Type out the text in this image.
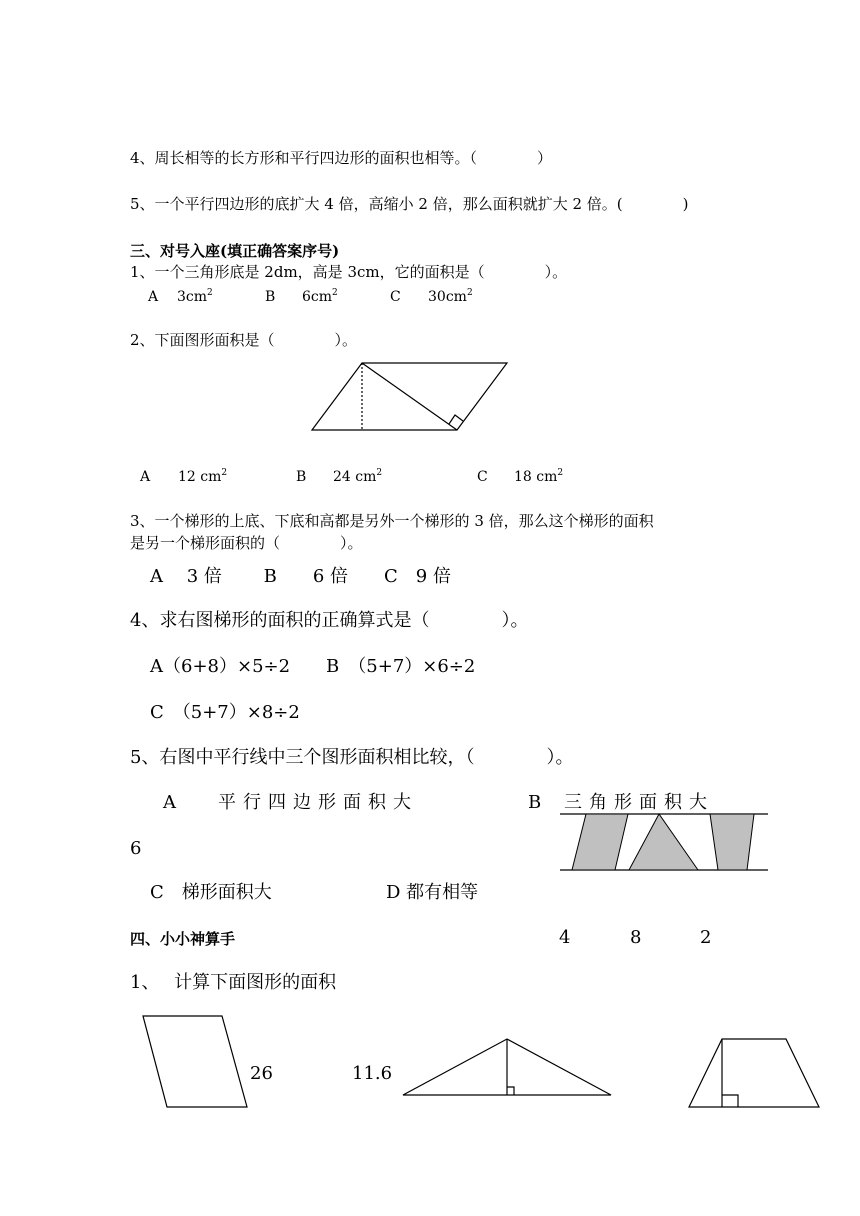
4、周长相等的长方形和平行四边形的面积也相等。（　　　　）
5、一个平行四边形的底扩大 4 倍，高缩小 2 倍，那么面积就扩大 2 倍。(　　　　)
三、对号入座(填正确答案序号)
1、一个三角形底是 2dm，高是 3cm，它的面积是（　　　　）。
A $3cm^2$	B $6cm^2$	C $30cm^2$
2、下面图形面积是（　　　　）。
A 12 $cm^2$	B 24 $cm^2$	C 18 $cm^2$
3、一个梯形的上底、下底和高都是另外一个梯形的 3 倍，那么这个梯形的面积
是另一个梯形面积的（　　　　）。
A　 3 倍　　 B　　6 倍　　C　9 倍
4、求右图梯形的面积的正确算式是（　　　　）。
A（6+8）×5÷2　　B　（5+7）×6÷2
C　（5+7）×8÷2
5、右图中平行线中三个图形面积相比较，（　　　　）。
A 平行四边形面积大	B 三角形面积大
6
C　梯形面积大	D 都有相等
四、小小神算手	4	8	2
1、　 计算下面图形的面积
26	11.6
